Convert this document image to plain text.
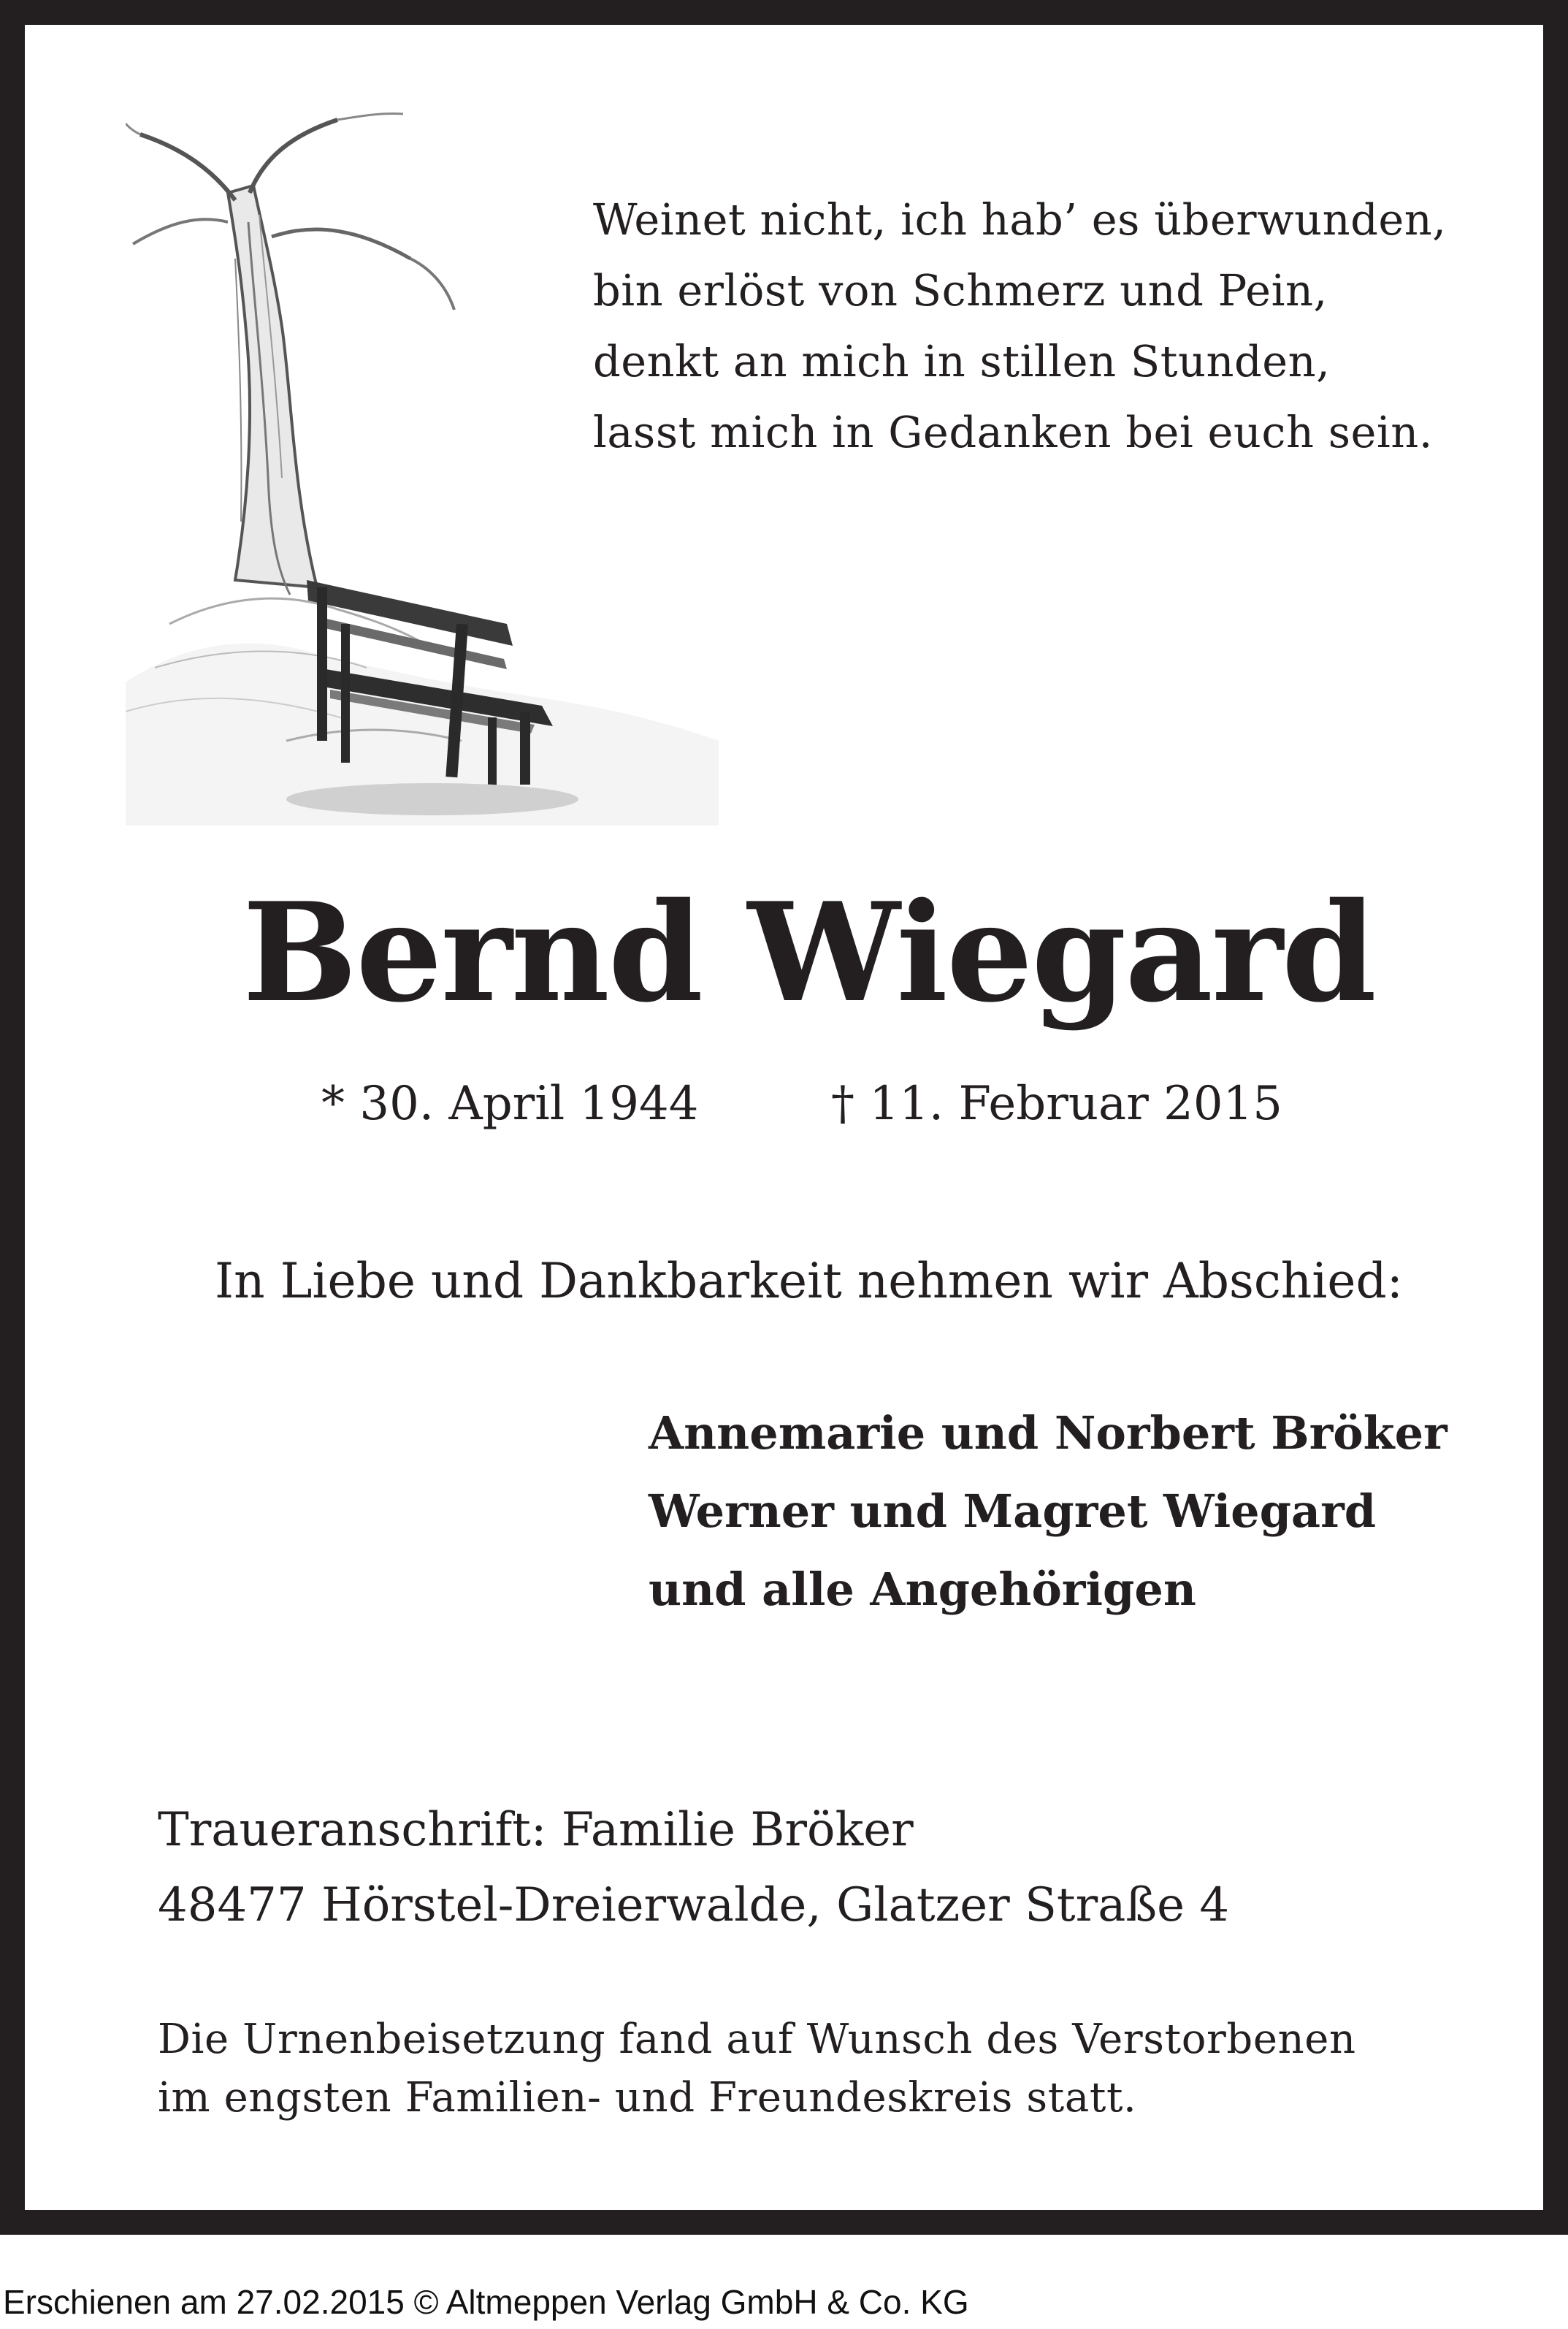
Weinet nicht, ich hab’ es überwunden,
bin erlöst von Schmerz und Pein,
denkt an mich in stillen Stunden,
lasst mich in Gedanken bei euch sein.
Bernd Wiegard
* 30. April 1944	† 11. Februar 2015
In Liebe und Dankbarkeit nehmen wir Abschied:
Annemarie und Norbert Bröker
Werner und Magret Wiegard
und alle Angehörigen
Traueranschrift: Familie Bröker
48477 Hörstel-Dreierwalde, Glatzer Straße 4
Die Urnenbeisetzung fand auf Wunsch des Verstorbenen
im engsten Familien- und Freundeskreis statt.
Erschienen am 27.02.2015 © Altmeppen Verlag GmbH & Co. KG
